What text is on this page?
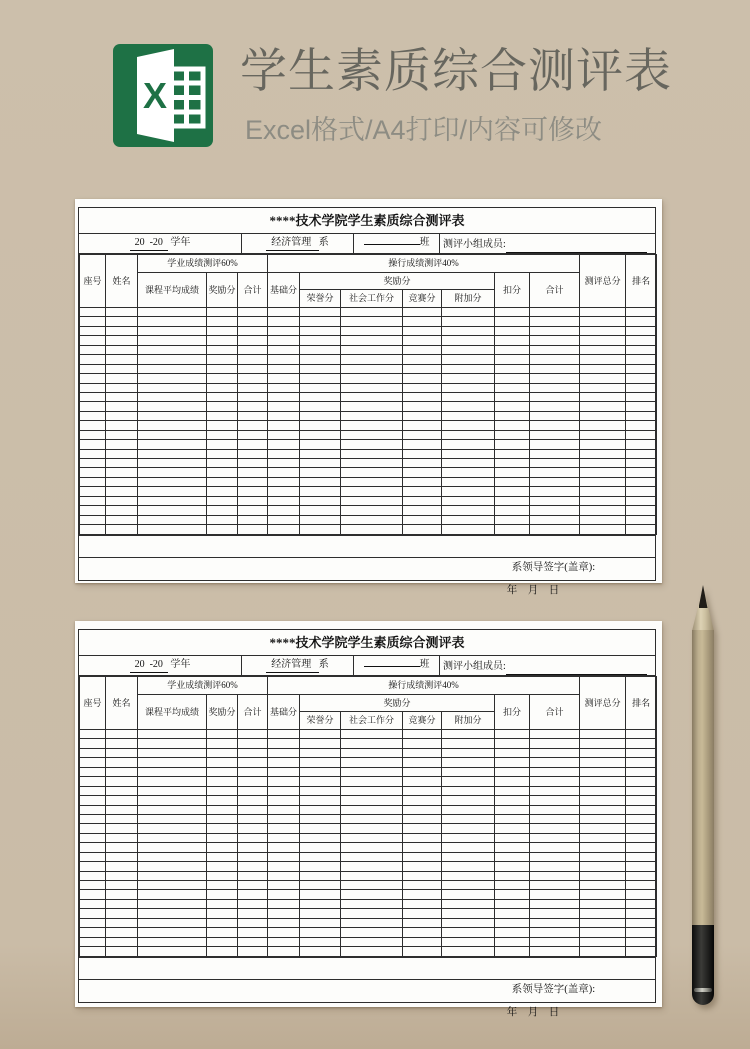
X 学生素质综合测评表
Excel格式/A4打印/内容可修改
****技术学院学生素质综合测评表
20  -20   学年	经济管理   系	班	测评小组成员:
座号	姓名	学业成绩测评60%			操行成绩测评40%							测评总分	排名
		课程平均成绩	奖励分	合计	基础分	奖励分				扣分	合计		
						荣誉分	社会工作分	竞赛分	附加分				

系领导签字(盖章):

年    月    日

****技术学院学生素质综合测评表
20  -20   学年	经济管理   系	班	测评小组成员:
座号	姓名	学业成绩测评60%			操行成绩测评40%							测评总分	排名
		课程平均成绩	奖励分	合计	基础分	奖励分				扣分	合计		
						荣誉分	社会工作分	竞赛分	附加分				

系领导签字(盖章):

年    月    日
